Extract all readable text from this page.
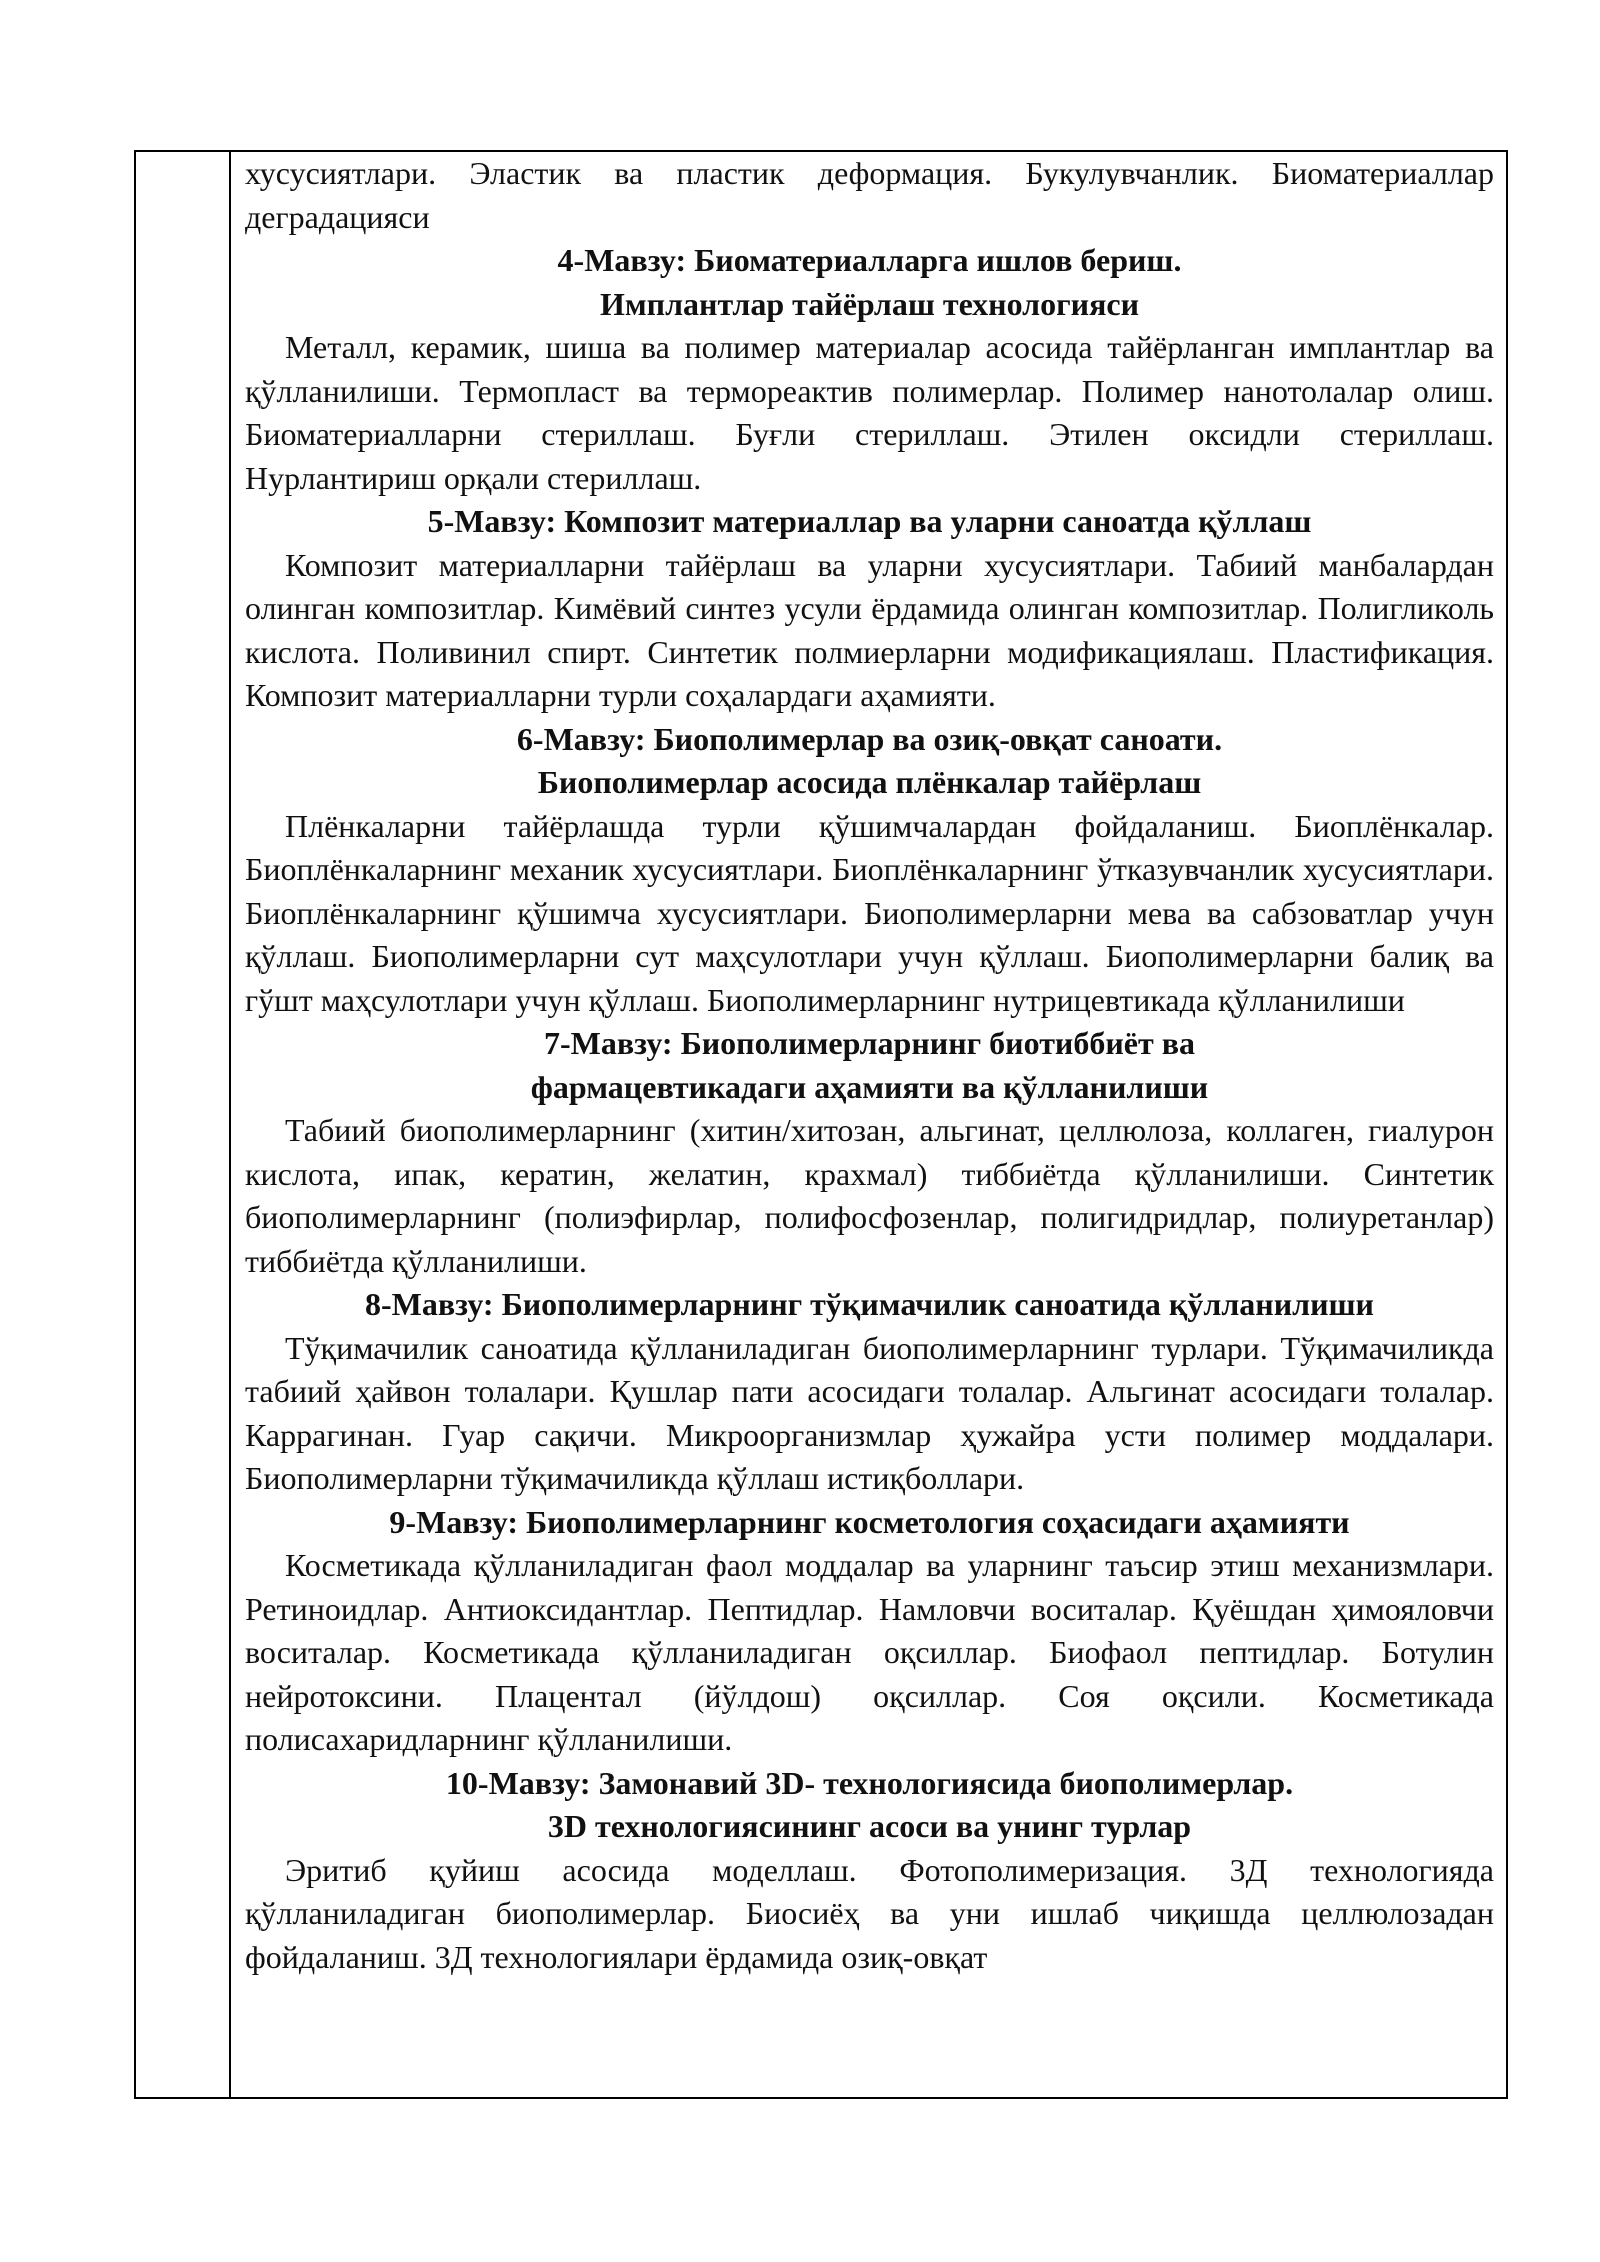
хусусиятлари. Эластик ва пластик деформация. Букулувчанлик. Биоматериаллар деградацияси

4-Мавзу: Биоматериалларга ишлов бериш.
Имплантлар тайёрлаш технологияси

Металл, керамик, шиша ва полимер материалар асосида тайёрланган имплантлар ва қўлланилиши. Термопласт ва термореактив полимерлар. Полимер нанотолалар олиш. Биоматериалларни стериллаш. Буғли стериллаш. Этилен оксидли стериллаш. Нурлантириш орқали стериллаш.

5-Мавзу: Композит материаллар ва уларни саноатда қўллаш

Композит материалларни тайёрлаш ва уларни хусусиятлари. Табиий манбалардан олинган композитлар. Кимёвий синтез усули ёрдамида олинган композитлар. Полигликоль кислота. Поливинил спирт. Синтетик полмиерларни модификациялаш. Пластификация. Композит материалларни турли соҳалардаги аҳамияти.

6-Мавзу: Биополимерлар ва озиқ-овқат саноати.
Биополимерлар асосида плёнкалар тайёрлаш

Плёнкаларни тайёрлашда турли қўшимчалардан фойдаланиш. Биоплёнкалар. Биоплёнкаларнинг механик хусусиятлари. Биоплёнкаларнинг ўтказувчанлик хусусиятлари. Биоплёнкаларнинг қўшимча хусусиятлари. Биополимерларни мева ва сабзоватлар учун қўллаш. Биополимерларни сут маҳсулотлари учун қўллаш. Биополимерларни балиқ ва гўшт маҳсулотлари учун қўллаш. Биополимерларнинг нутрицевтикада қўлланилиши

7-Мавзу: Биополимерларнинг биотиббиёт ва
фармацевтикадаги аҳамияти ва қўлланилиши

Табиий биополимерларнинг (хитин/хитозан, альгинат, целлюлоза, коллаген, гиалурон кислота, ипак, кератин, желатин, крахмал) тиббиётда қўлланилиши. Синтетик биополимерларнинг (полиэфирлар, полифосфозенлар, полигидридлар, полиуретанлар) тиббиётда қўлланилиши.

8-Мавзу: Биополимерларнинг тўқимачилик саноатида қўлланилиши

Тўқимачилик саноатида қўлланиладиган биополимерларнинг турлари. Тўқимачиликда табиий ҳайвон толалари. Қушлар пати асосидаги толалар. Альгинат асосидаги толалар. Каррагинан. Гуар сақичи. Микроорганизмлар ҳужайра усти полимер моддалари. Биополимерларни тўқимачиликда қўллаш истиқболлари.

9-Мавзу: Биополимерларнинг косметология соҳасидаги аҳамияти

Косметикада қўлланиладиган фаол моддалар ва уларнинг таъсир этиш механизмлари. Ретиноидлар. Антиоксидантлар. Пептидлар. Намловчи воситалар. Қуёшдан ҳимояловчи воситалар. Косметикада қўлланиладиган оқсиллар. Биофаол пептидлар. Ботулин нейротоксини. Плацентал (йўлдош) оқсиллар. Соя оқсили. Косметикада полисахаридларнинг қўлланилиши.

10-Мавзу: Замонавий 3D- технологиясида биополимерлар.
3D технологиясининг асоси ва унинг турлар

Эритиб қуйиш асосида моделлаш. Фотополимеризация. 3Д технологияда қўлланиладиган биополимерлар. Биосиёҳ ва уни ишлаб чиқишда целлюлозадан фойдаланиш. 3Д технологиялари ёрдамида озиқ-овқат
